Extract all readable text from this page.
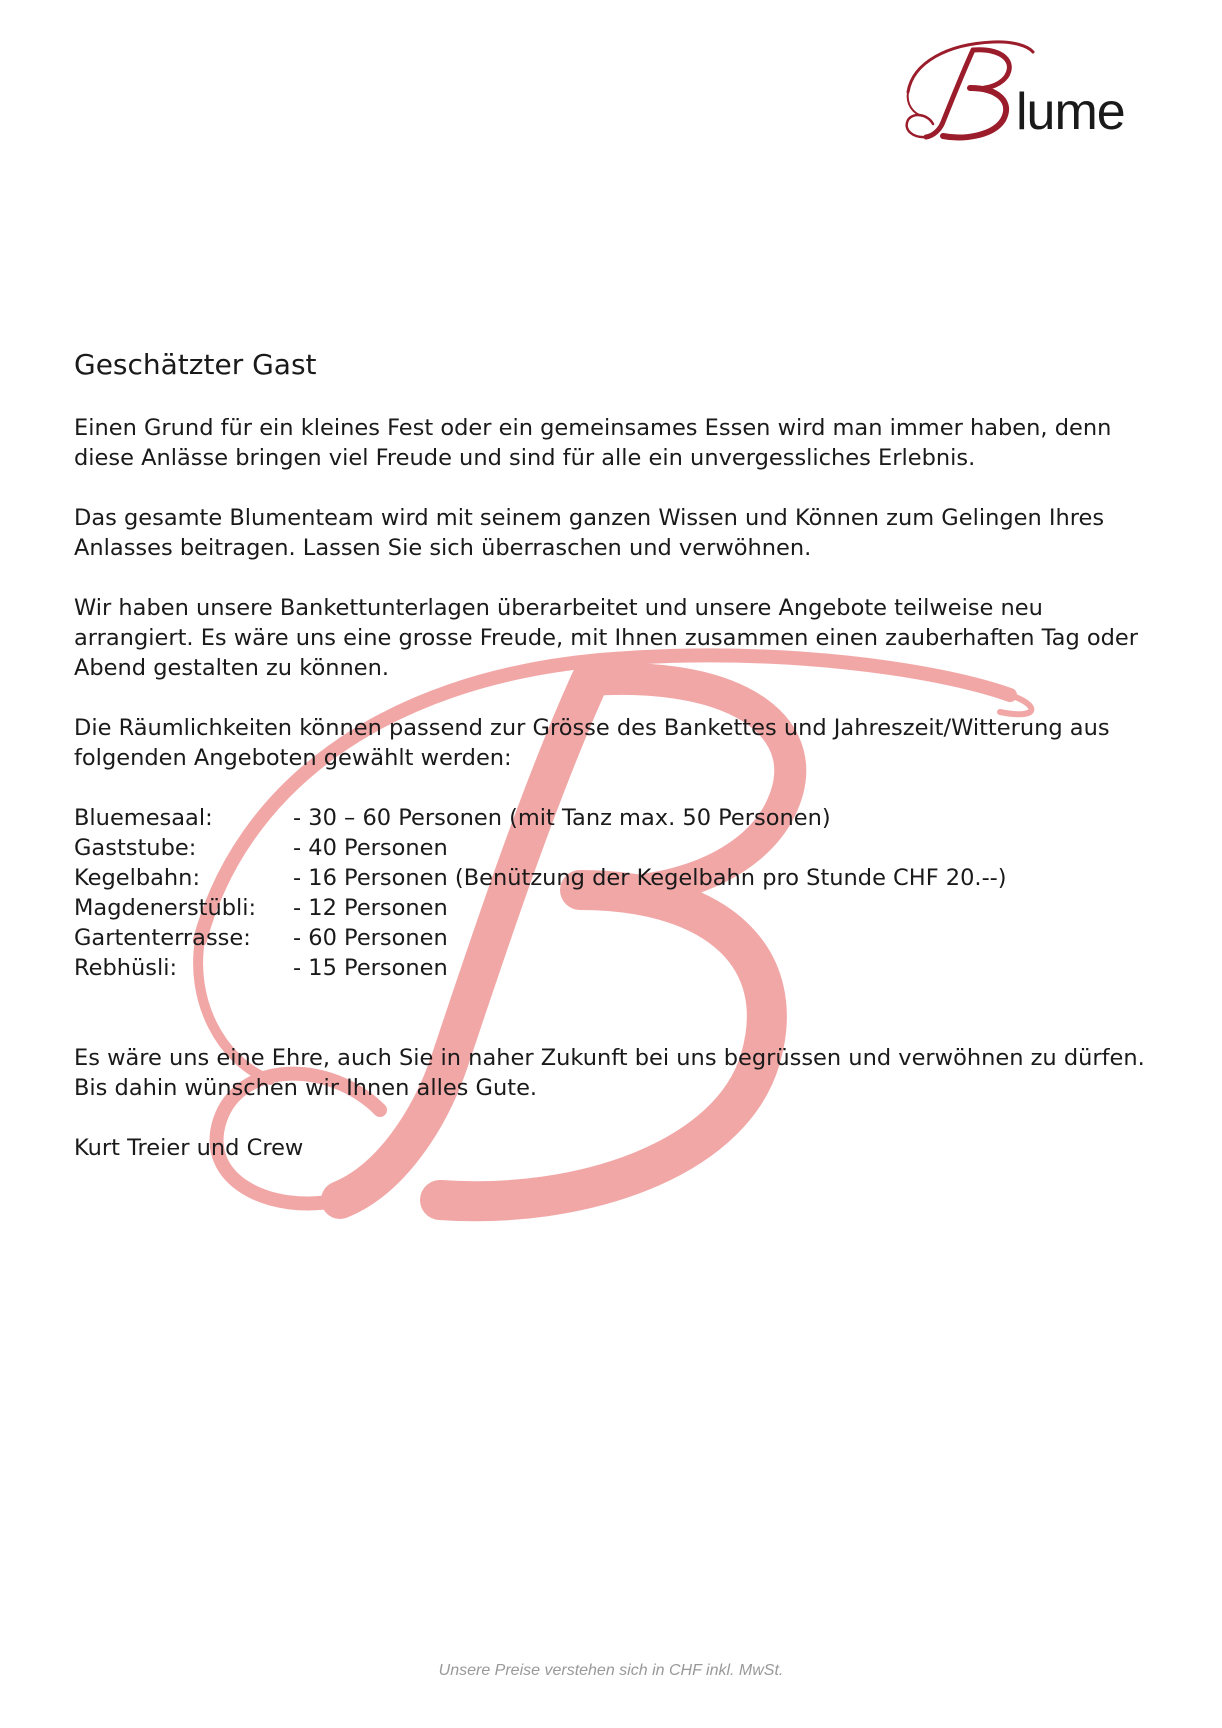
lume
Geschätzter Gast

Einen Grund für ein kleines Fest oder ein gemeinsames Essen wird man immer haben, denn diese Anlässe bringen viel Freude und sind für alle ein unvergessliches Erlebnis.

Das gesamte Blumenteam wird mit seinem ganzen Wissen und Können zum Gelingen Ihres Anlasses beitragen. Lassen Sie sich überraschen und verwöhnen.

Wir haben unsere Bankettunterlagen überarbeitet und unsere Angebote teilweise neu arrangiert. Es wäre uns eine grosse Freude, mit Ihnen zusammen einen zauberhaften Tag oder Abend gestalten zu können.

Die Räumlichkeiten können passend zur Grösse des Bankettes und Jahreszeit/Witterung aus folgenden Angeboten gewählt werden:

Bluemesaal:	- 30 – 60 Personen (mit Tanz max. 50 Personen)
Gaststube:	- 40 Personen
Kegelbahn:	- 16 Personen (Benützung der Kegelbahn pro Stunde CHF 20.--)
Magdenerstübli:	- 12 Personen
Gartenterrasse:	- 60 Personen
Rebhüsli:	- 15 Personen

Es wäre uns eine Ehre, auch Sie in naher Zukunft bei uns begrüssen und verwöhnen zu dürfen. Bis dahin wünschen wir Ihnen alles Gute.

Kurt Treier und Crew
Unsere Preise verstehen sich in CHF inkl. MwSt.
